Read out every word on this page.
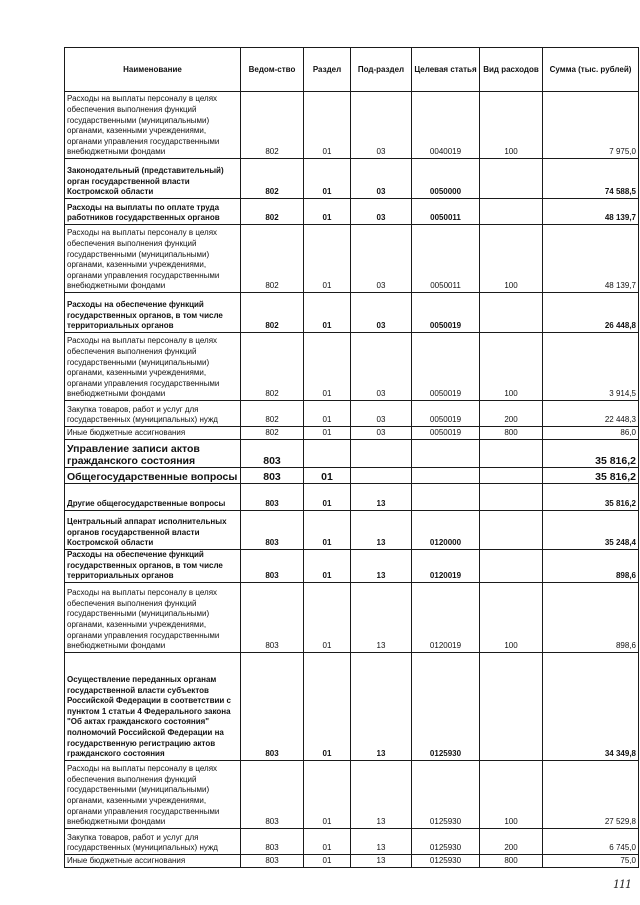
Наименование	Ведом-ство	Раздел	Под-раздел	Целевая статья	Вид расходов	Сумма (тыс. рублей)
Расходы на выплаты персоналу в целях обеспечения выполнения функций государственными (муниципальными) органами, казенными учреждениями, органами управления государственными внебюджетными фондами	802	01	03	0040019	100	7 975,0
Законодательный (представительный) орган государственной власти Костромской области	802	01	03	0050000		74 588,5
Расходы на выплаты по оплате труда работников государственных органов	802	01	03	0050011		48 139,7
Расходы на выплаты персоналу в целях обеспечения выполнения функций государственными (муниципальными) органами, казенными учреждениями, органами управления государственными внебюджетными фондами	802	01	03	0050011	100	48 139,7
Расходы на обеспечение функций государственных органов, в том числе территориальных органов	802	01	03	0050019		26 448,8
Расходы на выплаты персоналу в целях обеспечения выполнения функций государственными (муниципальными) органами, казенными учреждениями, органами управления государственными внебюджетными фондами	802	01	03	0050019	100	3 914,5
Закупка товаров, работ и услуг для государственных (муниципальных) нужд	802	01	03	0050019	200	22 448,3
Иные бюджетные ассигнования	802	01	03	0050019	800	86,0
Управление записи актов гражданского состояния	803					35 816,2
Общегосударственные вопросы	803	01				35 816,2
Другие общегосударственные вопросы	803	01	13			35 816,2
Центральный аппарат исполнительных органов государственной власти Костромской области	803	01	13	0120000		35 248,4
Расходы на обеспечение функций государственных органов, в том числе территориальных органов	803	01	13	0120019		898,6
Расходы на выплаты персоналу в целях обеспечения выполнения функций государственными (муниципальными) органами, казенными учреждениями, органами управления государственными внебюджетными фондами	803	01	13	0120019	100	898,6
Осуществление переданных органам государственной власти субъектов Российской Федерации в соответствии с пунктом 1 статьи 4 Федерального закона "Об актах гражданского состояния" полномочий Российской Федерации на государственную регистрацию актов гражданского состояния	803	01	13	0125930		34 349,8
Расходы на выплаты персоналу в целях обеспечения выполнения функций государственными (муниципальными) органами, казенными учреждениями, органами управления государственными внебюджетными фондами	803	01	13	0125930	100	27 529,8
Закупка товаров, работ и услуг для государственных (муниципальных) нужд	803	01	13	0125930	200	6 745,0
Иные бюджетные ассигнования	803	01	13	0125930	800	75,0
111
